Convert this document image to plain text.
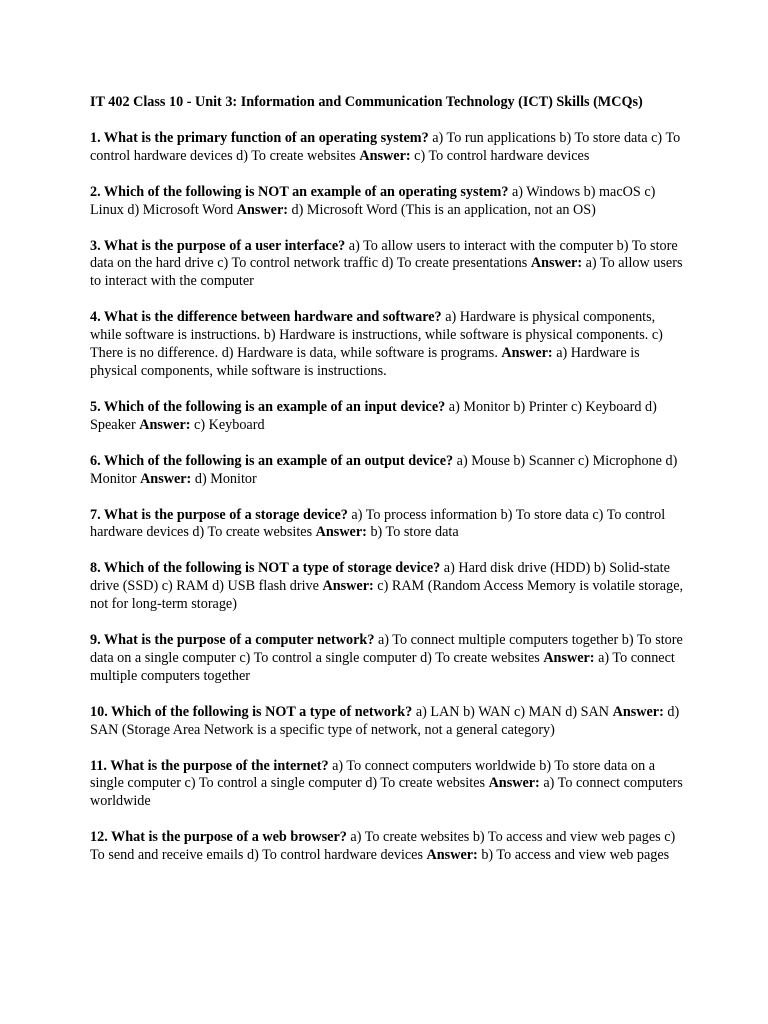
IT 402 Class 10 - Unit 3: Information and Communication Technology (ICT) Skills (MCQs)

1. What is the primary function of an operating system? a) To run applications b) To store data c) To control hardware devices d) To create websites Answer: c) To control hardware devices

2. Which of the following is NOT an example of an operating system? a) Windows b) macOS c) Linux d) Microsoft Word Answer: d) Microsoft Word (This is an application, not an OS)

3. What is the purpose of a user interface? a) To allow users to interact with the computer b) To store data on the hard drive c) To control network traffic d) To create presentations Answer: a) To allow users to interact with the computer

4. What is the difference between hardware and software? a) Hardware is physical components, while software is instructions. b) Hardware is instructions, while software is physical components. c) There is no difference. d) Hardware is data, while software is programs. Answer: a) Hardware is physical components, while software is instructions.

5. Which of the following is an example of an input device? a) Monitor b) Printer c) Keyboard d) Speaker Answer: c) Keyboard

6. Which of the following is an example of an output device? a) Mouse b) Scanner c) Microphone d) Monitor Answer: d) Monitor

7. What is the purpose of a storage device? a) To process information b) To store data c) To control hardware devices d) To create websites Answer: b) To store data

8. Which of the following is NOT a type of storage device? a) Hard disk drive (HDD) b) Solid-state drive (SSD) c) RAM d) USB flash drive Answer: c) RAM (Random Access Memory is volatile storage, not for long-term storage)

9. What is the purpose of a computer network? a) To connect multiple computers together b) To store data on a single computer c) To control a single computer d) To create websites Answer: a) To connect multiple computers together

10. Which of the following is NOT a type of network? a) LAN b) WAN c) MAN d) SAN Answer: d) SAN (Storage Area Network is a specific type of network, not a general category)

11. What is the purpose of the internet? a) To connect computers worldwide b) To store data on a single computer c) To control a single computer d) To create websites Answer: a) To connect computers worldwide

12. What is the purpose of a web browser? a) To create websites b) To access and view web pages c) To send and receive emails d) To control hardware devices Answer: b) To access and view web pages
